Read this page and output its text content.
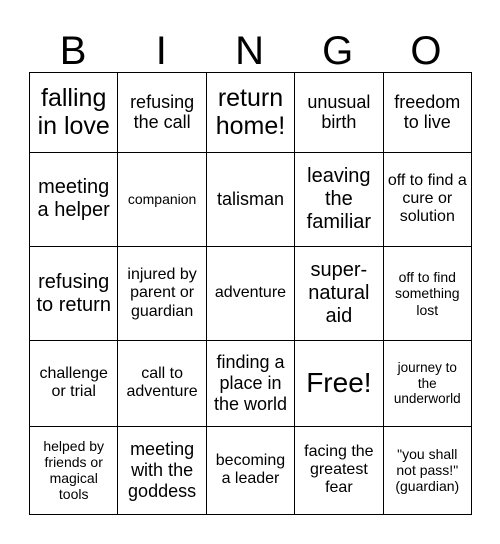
B	I	N	G	O
falling in love	refusing the call	return home!	unusual birth	freedom to live

meeting a helper	companion	talisman	leaving the familiar	off to find a cure or solution

refusing to return	injured by parent or guardian	adventure	super-natural aid	off to find something lost

challenge or trial	call to adventure	finding a place in the world	Free!	journey to the underworld

helped by friends or magical tools	meeting with the goddess	becoming a leader	facing the greatest fear	"you shall not pass!" (guardian)
